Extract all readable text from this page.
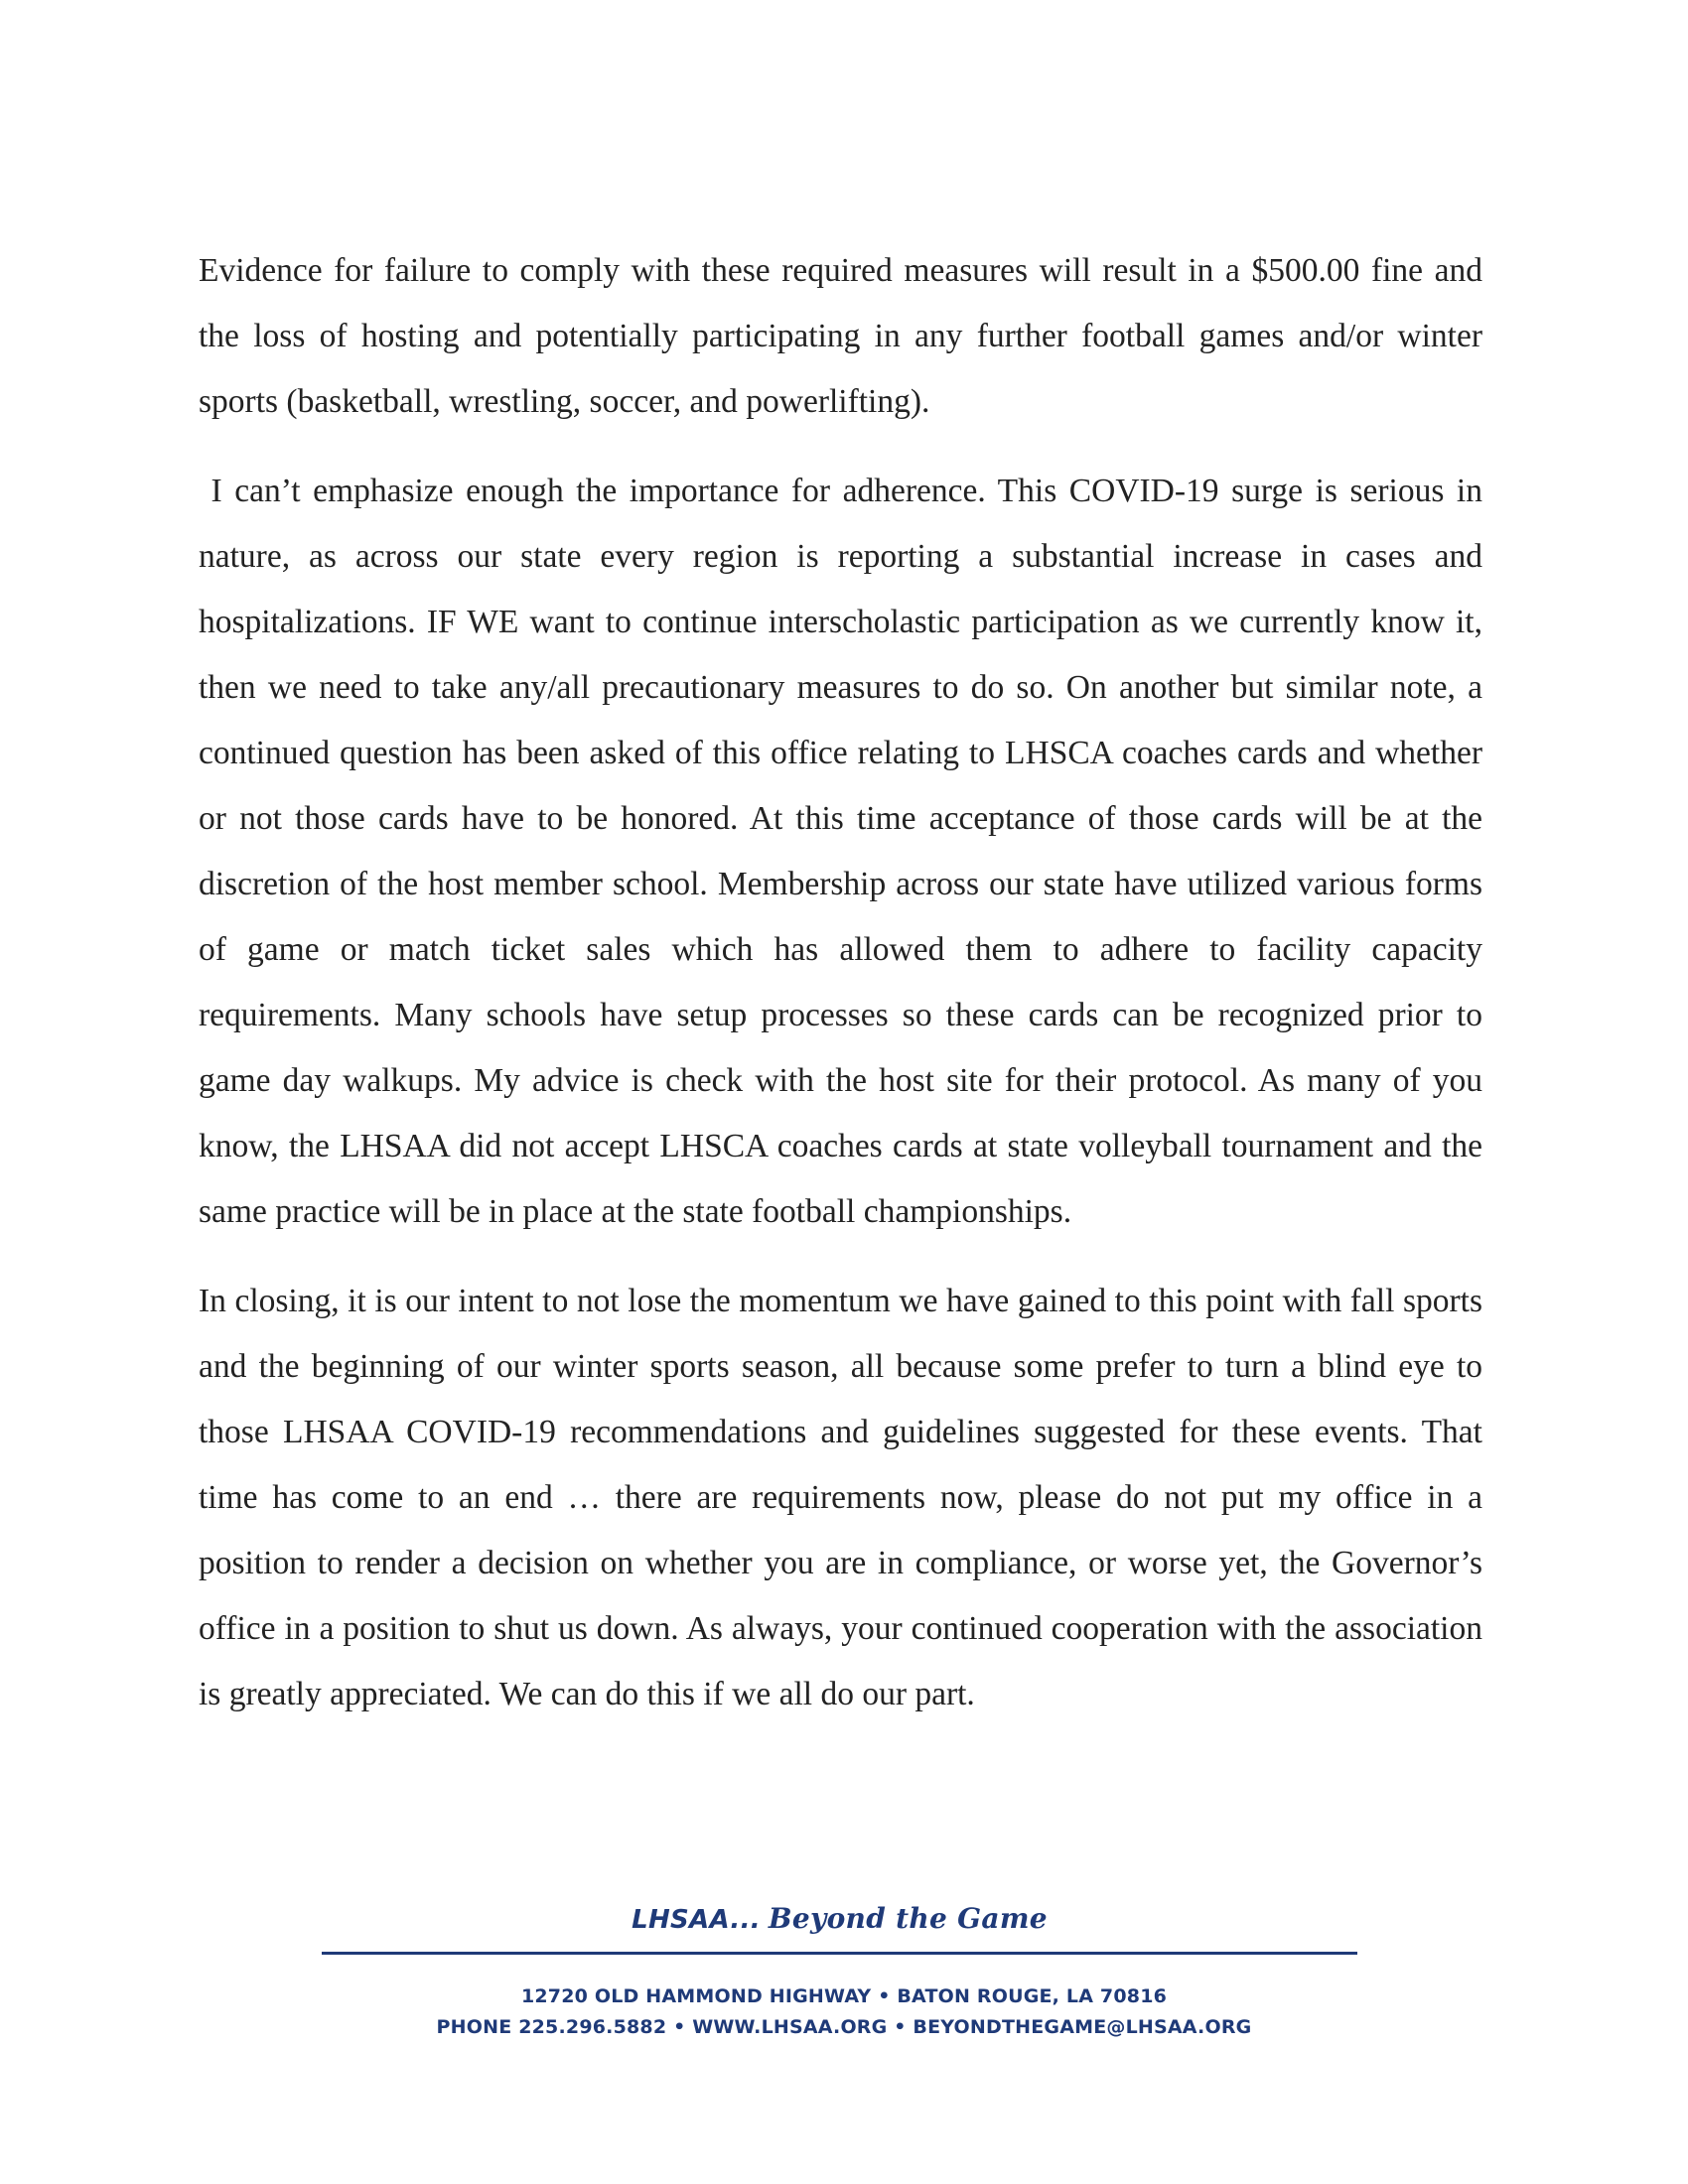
Evidence for failure to comply with these required measures will result in a $500.00 fine and the loss of hosting and potentially participating in any further football games and/or winter sports (basketball, wrestling, soccer, and powerlifting).

I can’t emphasize enough the importance for adherence. This COVID-19 surge is serious in nature, as across our state every region is reporting a substantial increase in cases and hospitalizations. IF WE want to continue interscholastic participation as we currently know it, then we need to take any/all precautionary measures to do so. On another but similar note, a continued question has been asked of this office relating to LHSCA coaches cards and whether or not those cards have to be honored. At this time acceptance of those cards will be at the discretion of the host member school. Membership across our state have utilized various forms of game or match ticket sales which has allowed them to adhere to facility capacity requirements. Many schools have setup processes so these cards can be recognized prior to game day walkups. My advice is check with the host site for their protocol. As many of you know, the LHSAA did not accept LHSCA coaches cards at state volleyball tournament and the same practice will be in place at the state football championships.

In closing, it is our intent to not lose the momentum we have gained to this point with fall sports and the beginning of our winter sports season, all because some prefer to turn a blind eye to those LHSAA COVID-19 recommendations and guidelines suggested for these events. That time has come to an end … there are requirements now, please do not put my office in a position to render a decision on whether you are in compliance, or worse yet, the Governor’s office in a position to shut us down. As always, your continued cooperation with the association is greatly appreciated. We can do this if we all do our part.

LHSAA... Beyond the Game
12720 OLD HAMMOND HIGHWAY • BATON ROUGE, LA 70816
PHONE 225.296.5882 • WWW.LHSAA.ORG • BEYONDTHEGAME@LHSAA.ORG
